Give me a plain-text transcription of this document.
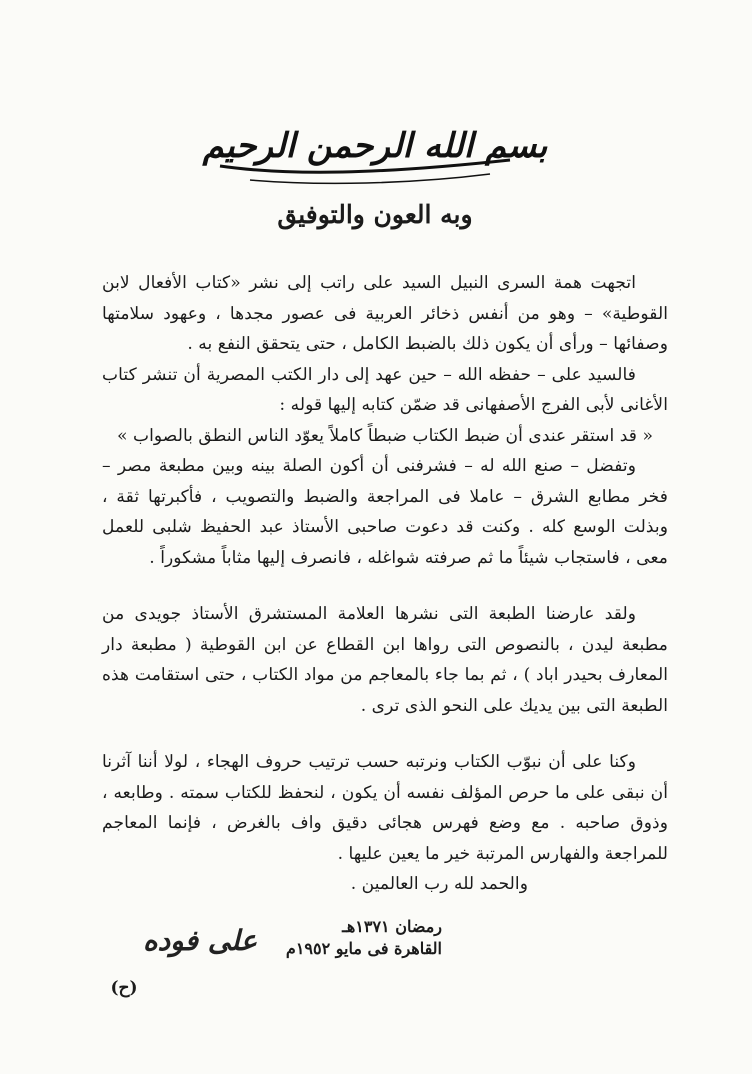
بسم الله الرحمن الرحيم
وبه العون والتوفيق

اتجهت همة السرى النبيل السيد على راتب إلى نشر «كتاب الأفعال لابن القوطية» – وهو من أنفس ذخائر العربية فى عصور مجدها ، وعهود سلامتها وصفائها – ورأى أن يكون ذلك بالضبط الكامل ، حتى يتحقق النفع به .

فالسيد على – حفظه الله – حين عهد إلى دار الكتب المصرية أن تنشر كتاب الأغانى لأبى الفرج الأصفهانى قد ضمّن كتابه إليها قوله :

« قد استقر عندى أن ضبط الكتاب ضبطاً كاملاً يعوّد الناس النطق بالصواب »

وتفضل – صنع الله له – فشرفنى أن أكون الصلة بينه وبين مطبعة مصر – فخر مطابع الشرق – عاملا فى المراجعة والضبط والتصويب ، فأكبرتها ثقة ، وبذلت الوسع كله . وكنت قد دعوت صاحبى الأستاذ عبد الحفيظ شلبى للعمل معى ، فاستجاب شيئاً ما ثم صرفته شواغله ، فانصرف إليها مثاباً مشكوراً .

ولقد عارضنا الطبعة التى نشرها العلامة المستشرق الأستاذ جويدى من مطبعة ليدن ، بالنصوص التى رواها ابن القطاع عن ابن القوطية ( مطبعة دار المعارف بحيدر اباد ) ، ثم بما جاء بالمعاجم من مواد الكتاب ، حتى استقامت هذه الطبعة التى بين يديك على النحو الذى ترى .

وكنا على أن نبوّب الكتاب ونرتبه حسب ترتيب حروف الهجاء ، لولا أننا آثرنا أن نبقى على ما حرص المؤلف نفسه أن يكون ، لنحفظ للكتاب سمته . وطابعه ، وذوق صاحبه . مع وضع فهرس هجائى دقيق واف بالغرض ، فإنما المعاجم للمراجعة والفهارس المرتبة خير ما يعين عليها .

والحمد لله رب العالمين .

رمضان ١٣٧١هـ
القاهرة فى مايو ١٩٥٢م
على فوده
(ح)
